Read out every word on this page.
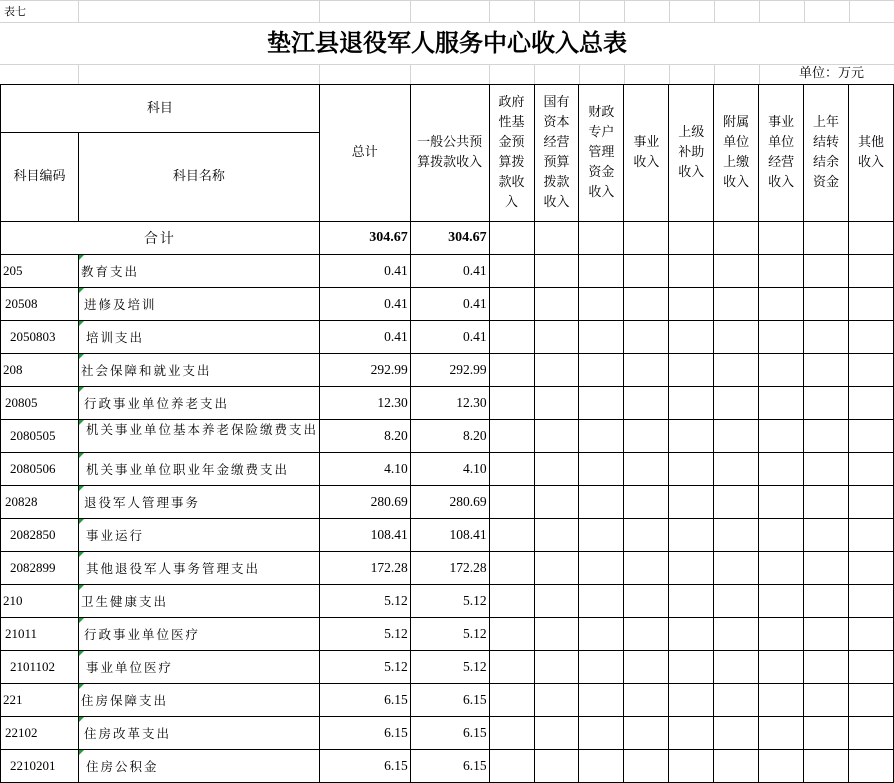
表七
垫江县退役军人服务中心收入总表
单位：万元
科目		总计	一般公共预算拨款收入	政府性基金预算拨款收入	国有资本经营预算拨款收入	财政专户管理资金收入	事业收入	上级补助收入	附属单位上缴收入	事业单位经营收入	上年结转结余资金	其他收入
科目编码	科目名称											
合计		304.67	304.67									
205	教育支出	0.41	0.41									
20508	进修及培训	0.41	0.41									
2050803	培训支出	0.41	0.41									
208	社会保障和就业支出	292.99	292.99									
20805	行政事业单位养老支出	12.30	12.30									
2080505	机关事业单位基本养老保险缴费支出	8.20	8.20									
2080506	机关事业单位职业年金缴费支出	4.10	4.10									
20828	退役军人管理事务	280.69	280.69									
2082850	事业运行	108.41	108.41									
2082899	其他退役军人事务管理支出	172.28	172.28									
210	卫生健康支出	5.12	5.12									
21011	行政事业单位医疗	5.12	5.12									
2101102	事业单位医疗	5.12	5.12									
221	住房保障支出	6.15	6.15									
22102	住房改革支出	6.15	6.15									
2210201	住房公积金	6.15	6.15									
